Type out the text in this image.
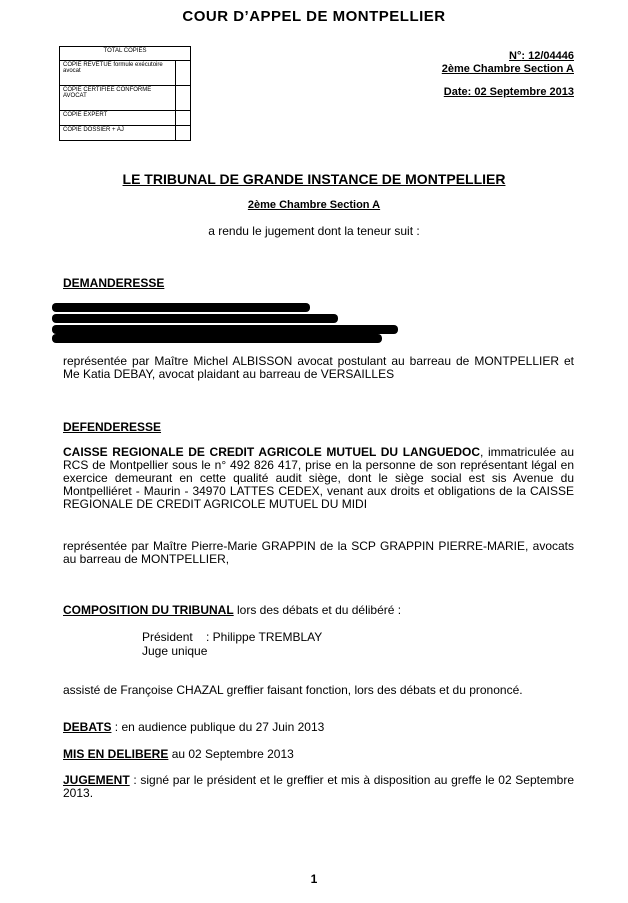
COUR D’APPEL DE MONTPELLIER
TOTAL COPIES	
COPIE REVÊTUE formule exécutoire avocat	
COPIE CERTIFIÉE CONFORME AVOCAT	
COPIE EXPERT	
COPIE DOSSIER + AJ	
N°: 12/04446
2ème Chambre Section A
Date: 02 Septembre 2013
LE TRIBUNAL DE GRANDE INSTANCE DE MONTPELLIER
2ème Chambre Section A
a rendu le jugement dont la teneur suit :
DEMANDERESSE
représentée par Maître Michel ALBISSON avocat postulant au barreau de MONTPELLIER et Me Katia DEBAY, avocat plaidant au barreau de VERSAILLES
DEFENDERESSE
CAISSE REGIONALE DE CREDIT AGRICOLE MUTUEL DU LANGUEDOC, immatriculée au RCS de Montpellier sous le n° 492 826 417, prise en la personne de son représentant légal en exercice demeurant en cette qualité audit siège, dont le siège social est sis Avenue du Montpelliéret - Maurin - 34970 LATTES CEDEX, venant aux droits et obligations de la CAISSE REGIONALE DE CREDIT AGRICOLE MUTUEL DU MIDI
représentée par Maître Pierre-Marie GRAPPIN de la SCP GRAPPIN PIERRE-MARIE, avocats au barreau de MONTPELLIER,
COMPOSITION DU TRIBUNAL lors des débats et du délibéré :
Président : Philippe TREMBLAY
Juge unique
assisté de Françoise CHAZAL greffier faisant fonction, lors des débats et du prononcé.
DEBATS : en audience publique du 27 Juin 2013
MIS EN DELIBERE au 02 Septembre 2013
JUGEMENT : signé par le président et le greffier et mis à disposition au greffe le 02 Septembre 2013.
1
